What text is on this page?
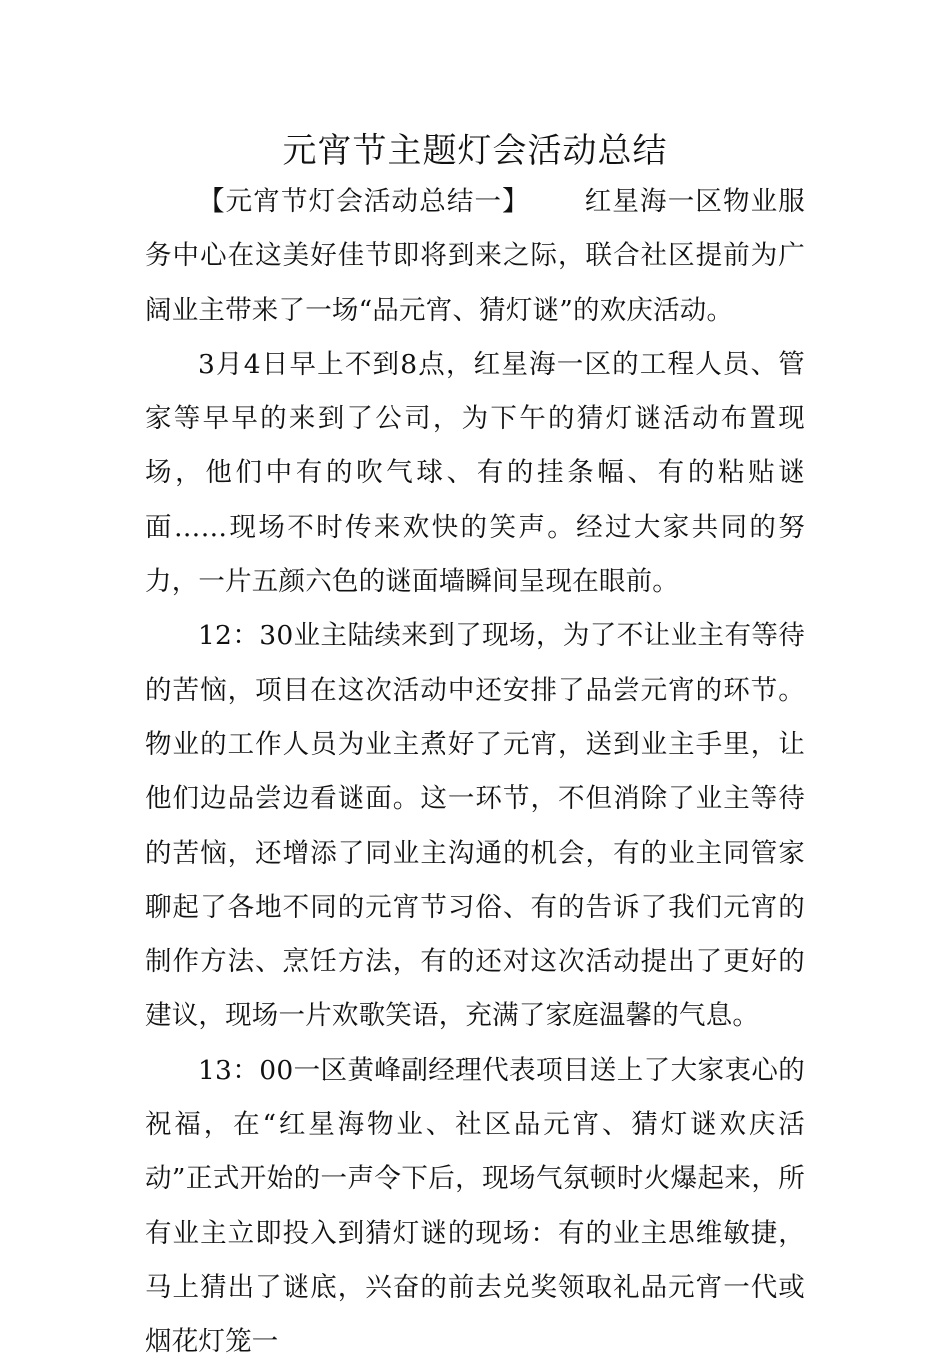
元宵节主题灯会活动总结

【元宵节灯会活动总结一】 红星海一区物业服务中心在这美好佳节即将到来之际，联合社区提前为广阔业主带来了一场“品元宵、猜灯谜”的欢庆活动。

3月4日早上不到8点，红星海一区的工程人员、管家等早早的来到了公司，为下午的猜灯谜活动布置现场，他们中有的吹气球、有的挂条幅、有的粘贴谜面……现场不时传来欢快的笑声。经过大家共同的努力，一片五颜六色的谜面墙瞬间呈现在眼前。

12：30业主陆续来到了现场，为了不让业主有等待的苦恼，项目在这次活动中还安排了品尝元宵的环节。物业的工作人员为业主煮好了元宵，送到业主手里，让他们边品尝边看谜面。这一环节，不但消除了业主等待的苦恼，还增添了同业主沟通的机会，有的业主同管家聊起了各地不同的元宵节习俗、有的告诉了我们元宵的制作方法、烹饪方法，有的还对这次活动提出了更好的建议，现场一片欢歌笑语，充满了家庭温馨的气息。

13：00一区黄峰副经理代表项目送上了大家衷心的祝福，在“红星海物业、社区品元宵、猜灯谜欢庆活动”正式开始的一声令下后，现场气氛顿时火爆起来，所有业主立即投入到猜灯谜的现场：有的业主思维敏捷，马上猜出了谜底，兴奋的前去兑奖领取礼品元宵一代或烟花灯笼一
